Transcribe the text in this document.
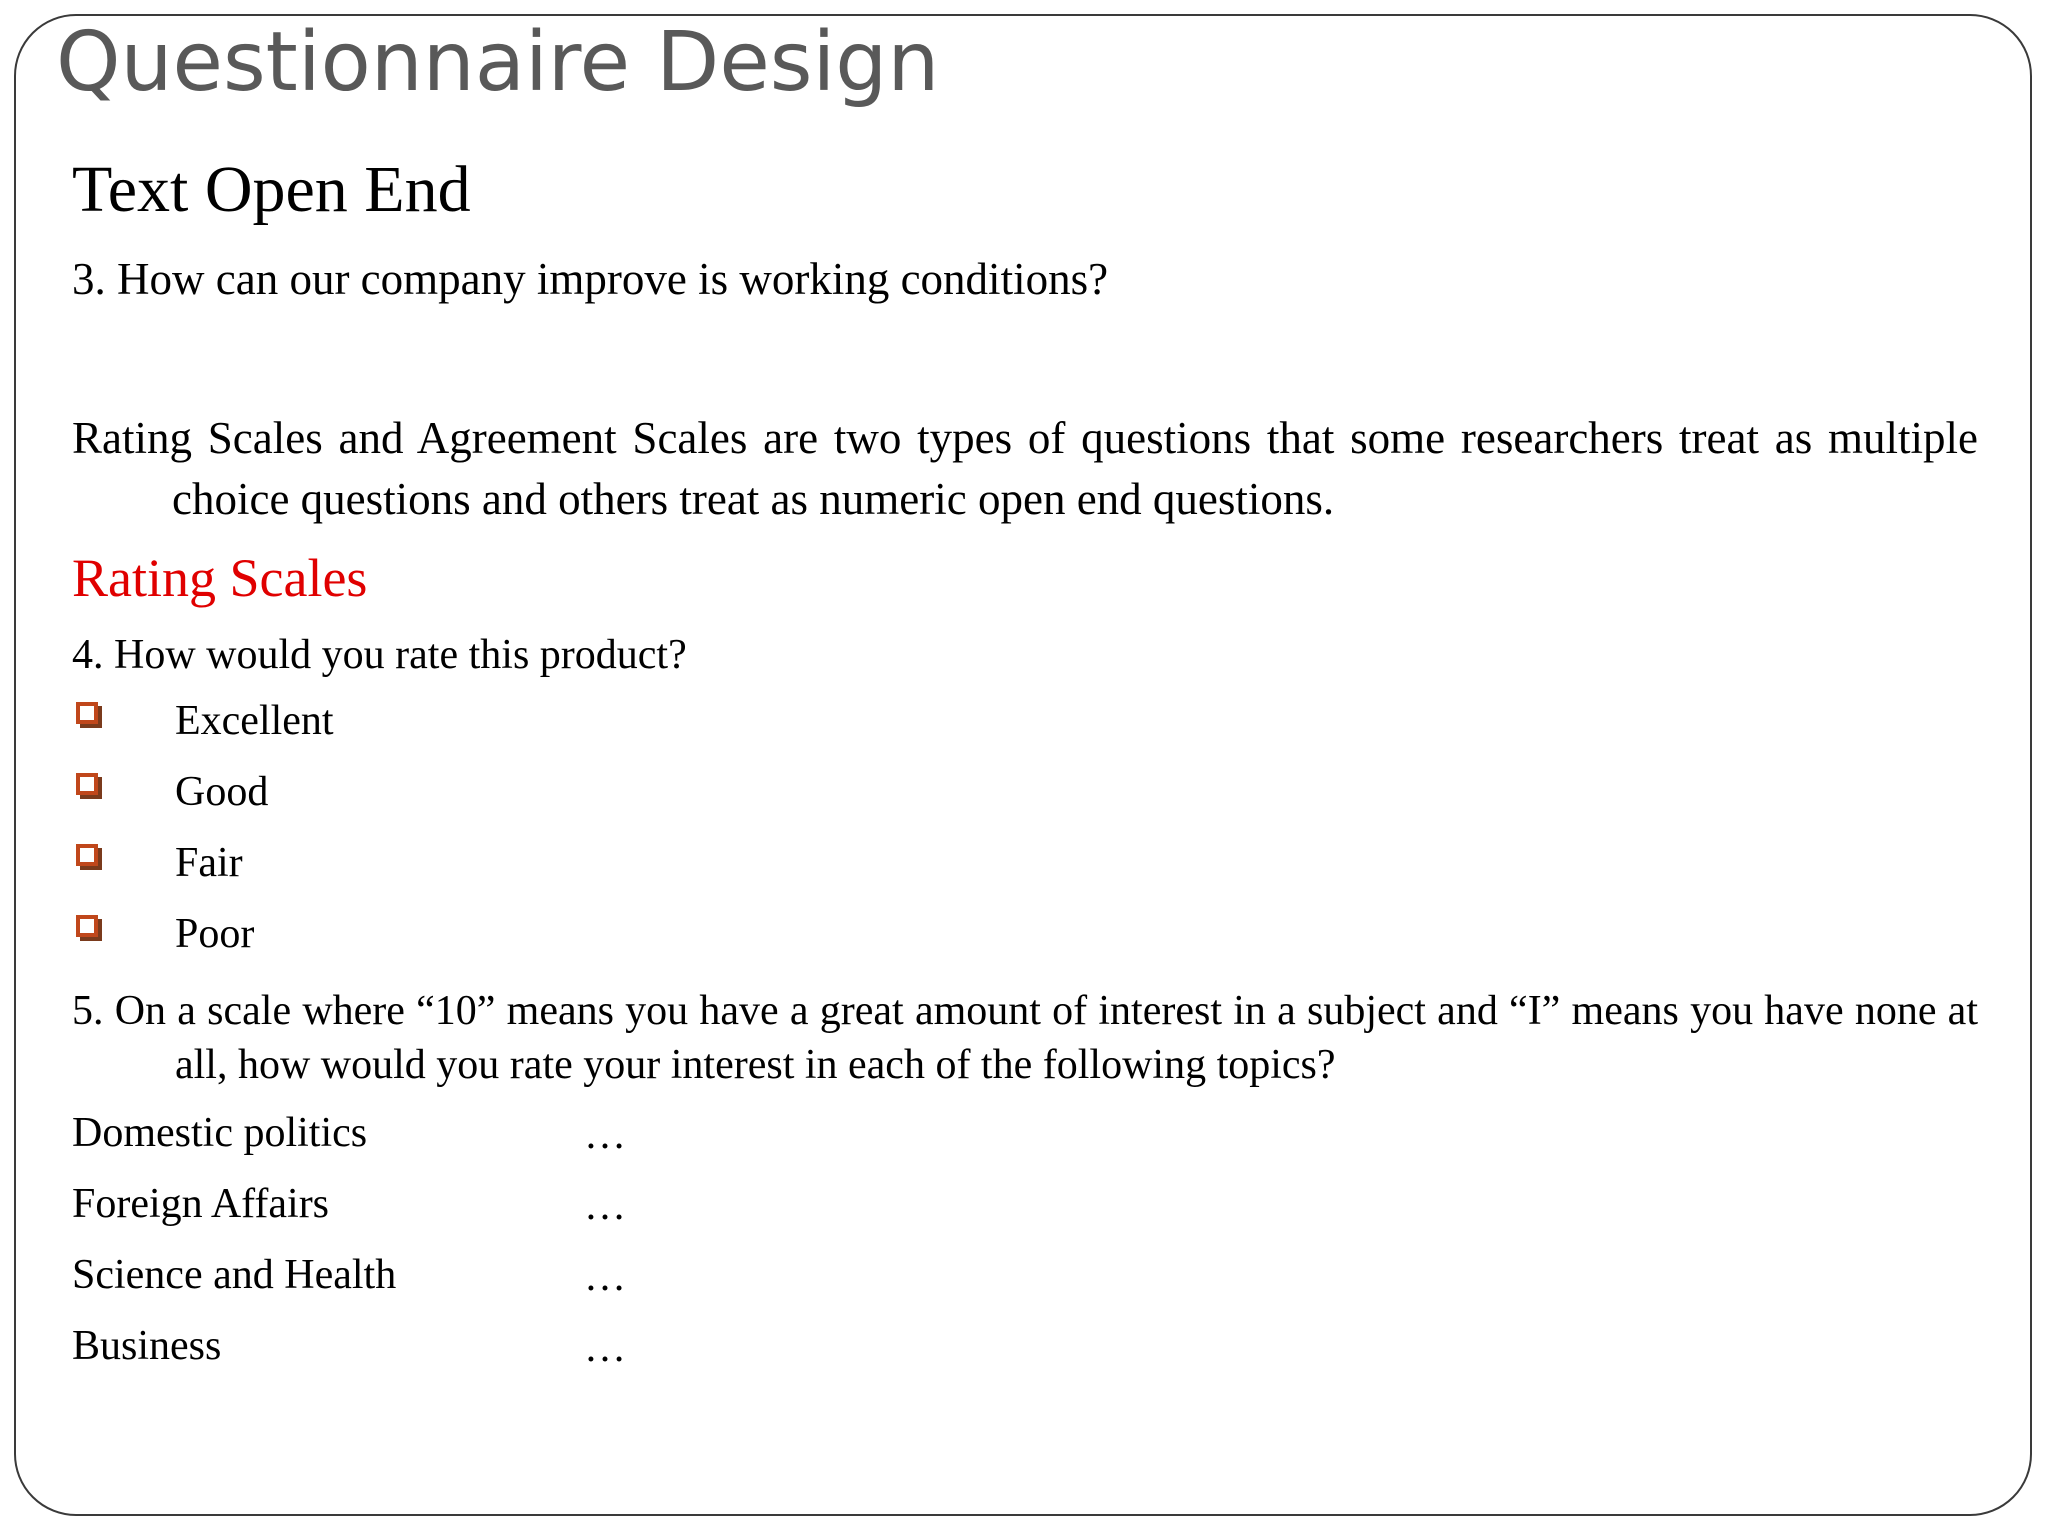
Questionnaire Design
Text Open End
3. How can our company improve is working conditions?
Rating Scales and Agreement Scales are two types of questions that some researchers treat as multiple choice questions and others treat as numeric open end questions.
Rating Scales
4. How would you rate this product?
Excellent
Good
Fair
Poor
5. On a scale where “10” means you have a great amount of interest in a subject and “I” means you have none at all, how would you rate your interest in each of the following topics?
Domestic politics	…
Foreign Affairs	…
Science and Health	…
Business	…
